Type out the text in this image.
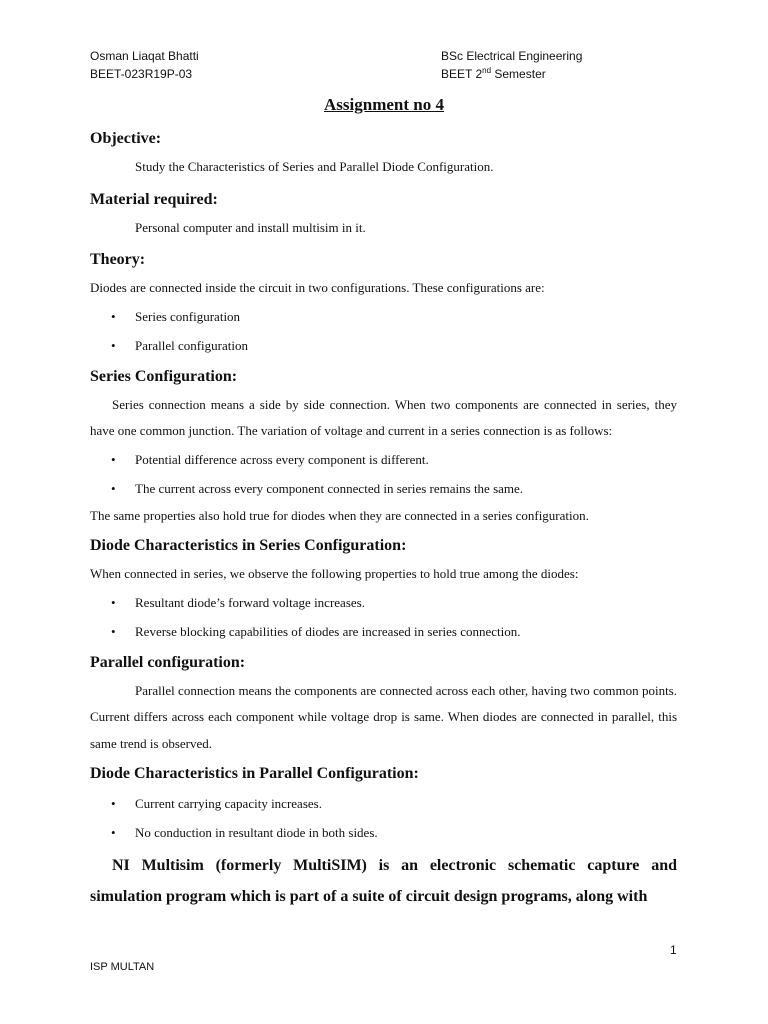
Osman Liaqat Bhatti
BEET-023R19P-03
BSc Electrical Engineering
BEET 2nd Semester
Assignment no 4
Objective:

Study the Characteristics of Series and Parallel Diode Configuration.

Material required:

Personal computer and install multisim in it.

Theory:

Diodes are connected inside the circuit in two configurations. These configurations are:

• Series configuration
• Parallel configuration
Series Configuration:

Series connection means a side by side connection. When two components are connected in series, they have one common junction. The variation of voltage and current in a series connection is as follows:

• Potential difference across every component is different.
• The current across every component connected in series remains the same.

The same properties also hold true for diodes when they are connected in a series configuration.

Diode Characteristics in Series Configuration:

When connected in series, we observe the following properties to hold true among the diodes:

• Resultant diode’s forward voltage increases.
• Reverse blocking capabilities of diodes are increased in series connection.
Parallel configuration:

Parallel connection means the components are connected across each other, having two common points. Current differs across each component while voltage drop is same. When diodes are connected in parallel, this same trend is observed.

Diode Characteristics in Parallel Configuration:
• Current carrying capacity increases.
• No conduction in resultant diode in both sides.

NI Multisim (formerly MultiSIM) is an electronic schematic capture and simulation program which is part of a suite of circuit design programs, along with

1
ISP MULTAN
